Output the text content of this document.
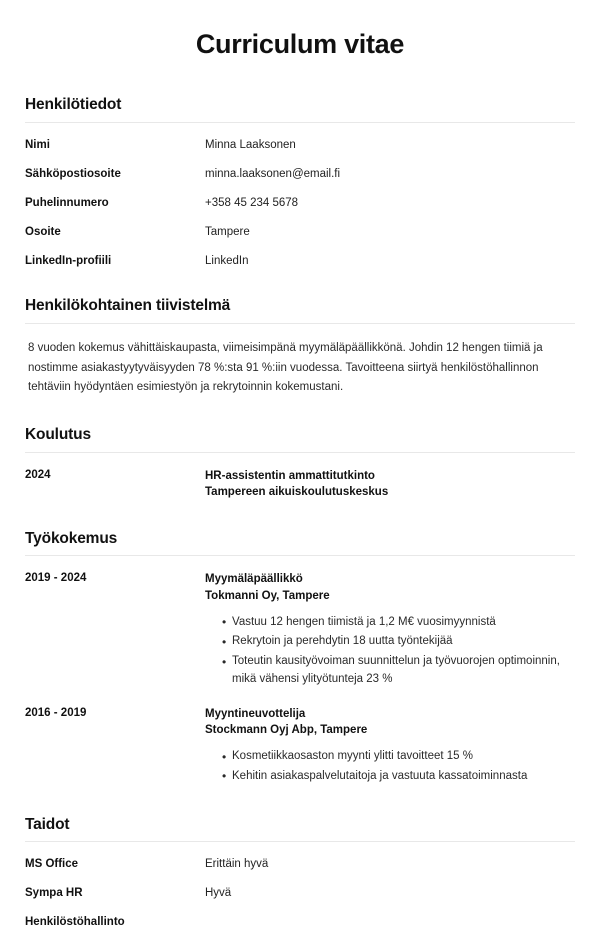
Curriculum vitae
Henkilötiedot
Nimi	Minna Laaksonen
Sähköpostiosoite	minna.laaksonen@email.fi
Puhelinnumero	+358 45 234 5678
Osoite	Tampere
LinkedIn-profiili	LinkedIn
Henkilökohtainen tiivistelmä

8 vuoden kokemus vähittäiskaupasta, viimeisimpänä myymäläpäällikkönä. Johdin 12 hengen tiimiä ja nostimme asiakastyytyväisyyden 78 %:sta 91 %:iin vuodessa. Tavoitteena siirtyä henkilöstöhallinnon tehtäviin hyödyntäen esimiestyön ja rekrytoinnin kokemustani.

Koulutus
2024	HR-assistentin ammattitutkinto
Tampereen aikuiskoulutuskeskus
Työkokemus
2019 - 2024	Myymäläpäällikkö
Tokmanni Oy, Tampere
• Vastuu 12 hengen tiimistä ja 1,2 M€ vuosimyynnistä
• Rekrytoin ja perehdytin 18 uutta työntekijää
• Toteutin kausityövoiman suunnittelun ja työvuorojen optimoinnin, mikä vähensi ylityötunteja 23 %
2016 - 2019	Myyntineuvottelija
Stockmann Oyj Abp, Tampere
• Kosmetiikkaosaston myynti ylitti tavoitteet 15 %
• Kehitin asiakaspalvelutaitoja ja vastuuta kassatoiminnasta
Taidot
MS Office	Erittäin hyvä
Sympa HR	Hyvä
Henkilöstöhallinto
